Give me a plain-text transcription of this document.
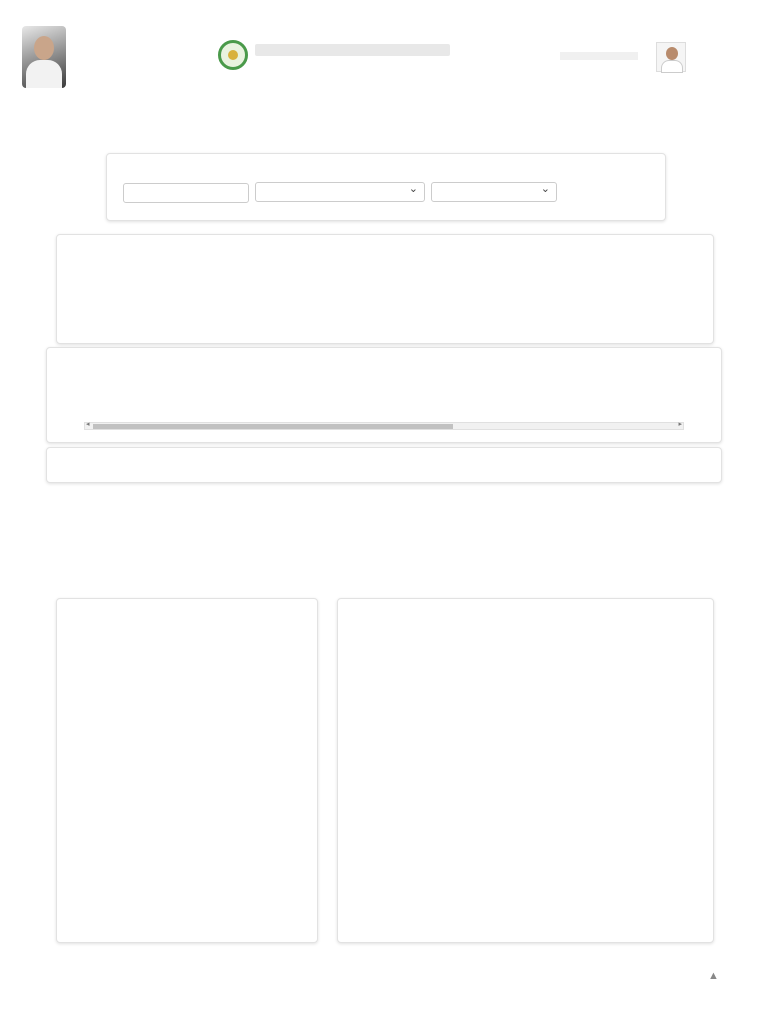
⌄
⌄
◂	▸
▲
